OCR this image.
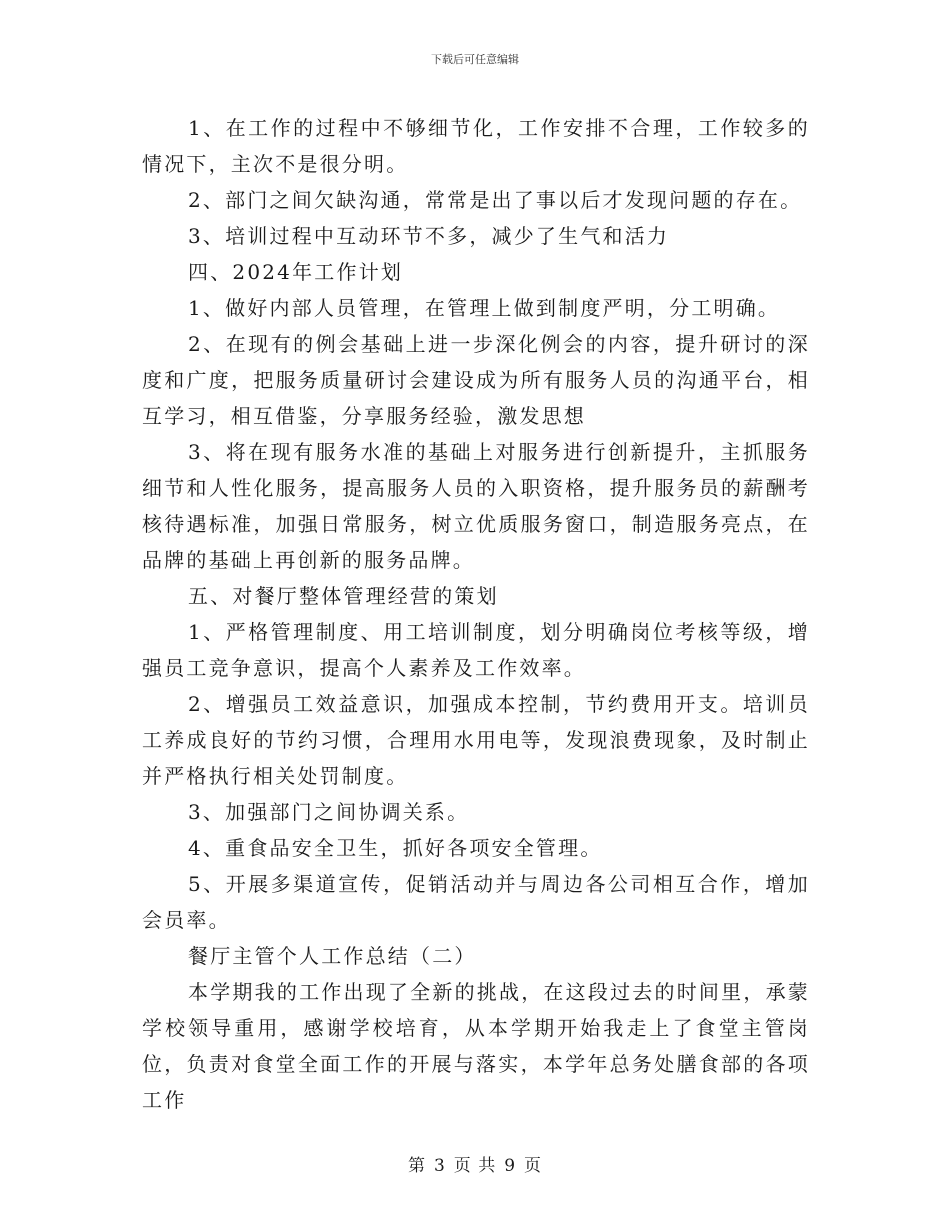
下载后可任意编辑

1、在工作的过程中不够细节化，工作安排不合理，工作较多的情况下，主次不是很分明。

2、部门之间欠缺沟通，常常是出了事以后才发现问题的存在。

3、培训过程中互动环节不多，减少了生气和活力

四、2024年工作计划

1、做好内部人员管理，在管理上做到制度严明，分工明确。

2、在现有的例会基础上进一步深化例会的内容，提升研讨的深度和广度，把服务质量研讨会建设成为所有服务人员的沟通平台，相互学习，相互借鉴，分享服务经验，激发思想

3、将在现有服务水准的基础上对服务进行创新提升，主抓服务细节和人性化服务，提高服务人员的入职资格，提升服务员的薪酬考核待遇标准，加强日常服务，树立优质服务窗口，制造服务亮点，在品牌的基础上再创新的服务品牌。

五、对餐厅整体管理经营的策划

1、严格管理制度、用工培训制度，划分明确岗位考核等级，增强员工竞争意识，提高个人素养及工作效率。

2、增强员工效益意识，加强成本控制，节约费用开支。培训员工养成良好的节约习惯，合理用水用电等，发现浪费现象，及时制止并严格执行相关处罚制度。

3、加强部门之间协调关系。

4、重食品安全卫生，抓好各项安全管理。

5、开展多渠道宣传，促销活动并与周边各公司相互合作，增加会员率。

餐厅主管个人工作总结（二）

本学期我的工作出现了全新的挑战，在这段过去的时间里，承蒙学校领导重用，感谢学校培育，从本学期开始我走上了食堂主管岗位，负责对食堂全面工作的开展与落实，本学年总务处膳食部的各项工作

第 3 页 共 9 页
